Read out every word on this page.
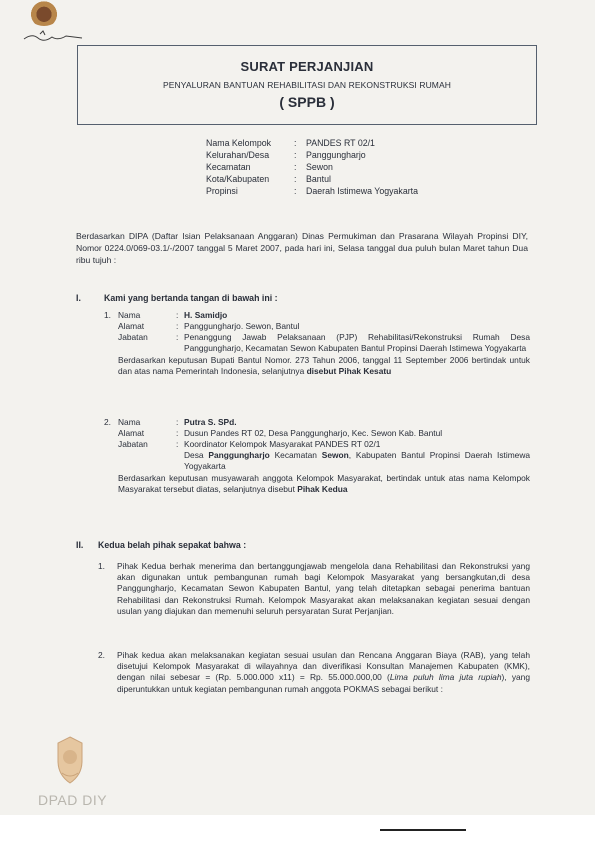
SURAT PERJANJIAN
PENYALURAN BANTUAN REHABILITASI DAN REKONSTRUKSI RUMAH
( SPPB )
Nama Kelompok	:	PANDES RT 02/1
Kelurahan/Desa	:	Panggungharjo
Kecamatan	:	Sewon
Kota/Kabupaten	:	Bantul
Propinsi	:	Daerah Istimewa Yogyakarta
Berdasarkan DIPA (Daftar Isian Pelaksanaan Anggaran) Dinas Permukiman dan Prasarana Wilayah Propinsi DIY, Nomor 0224.0/069-03.1/-/2007 tanggal 5 Maret 2007, pada hari ini, Selasa tanggal dua puluh bulan Maret tahun Dua ribu tujuh :
I.	Kami yang bertanda tangan di bawah ini :
1. Nama	: H. Samidjo
Alamat	: Panggungharjo. Sewon, Bantul
Jabatan	: Penanggung Jawab Pelaksanaan (PJP) Rehabilitasi/Rekonstruksi Rumah Desa Panggungharjo, Kecamatan Sewon Kabupaten Bantul Propinsi Daerah Istimewa Yogyakarta
Berdasarkan keputusan Bupati Bantul Nomor. 273 Tahun 2006, tanggal 11 September 2006 bertindak untuk dan atas nama Pemerintah Indonesia, selanjutnya disebut Pihak Kesatu
2. Nama	: Putra S. SPd.
Alamat	: Dusun Pandes RT 02, Desa Panggungharjo, Kec. Sewon Kab. Bantul
Jabatan	: Koordinator Kelompok Masyarakat PANDES RT 02/1
Desa Panggungharjo Kecamatan Sewon, Kabupaten Bantul Propinsi Daerah Istimewa Yogyakarta
Berdasarkan keputusan musyawarah anggota Kelompok Masyarakat, bertindak untuk atas nama Kelompok Masyarakat tersebut diatas, selanjutnya disebut Pihak Kedua
II. Kedua belah pihak sepakat bahwa :
1.	Pihak Kedua berhak menerima dan bertanggungjawab mengelola dana Rehabilitasi dan Rekonstruksi yang akan digunakan untuk pembangunan rumah bagi Kelompok Masyarakat yang bersangkutan,di desa Panggungharjo, Kecamatan Sewon Kabupaten Bantul, yang telah ditetapkan sebagai penerima bantuan Rehabilitasi dan Rekonstruksi Rumah. Kelompok Masyarakat akan melaksanakan kegiatan sesuai dengan usulan yang diajukan dan memenuhi seluruh persyaratan Surat Perjanjian.
2.	Pihak kedua akan melaksanakan kegiatan sesuai usulan dan Rencana Anggaran Biaya (RAB), yang telah disetujui Kelompok Masyarakat di wilayahnya dan diverifikasi Konsultan Manajemen Kabupaten (KMK), dengan nilai sebesar = (Rp. 5.000.000 x11) = Rp. 55.000.000,00 (Lima puluh lima juta rupiah), yang diperuntukkan untuk kegiatan pembangunan rumah anggota POKMAS sebagai berikut :
DPAD DIY
